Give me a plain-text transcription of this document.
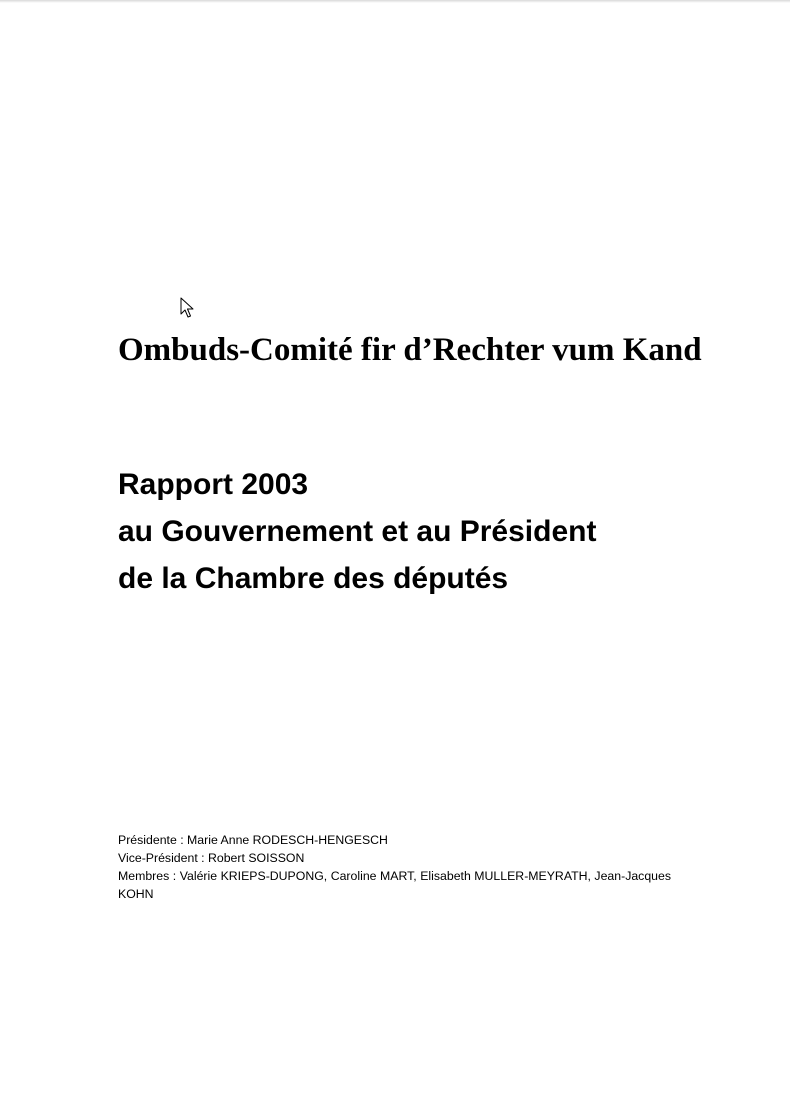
Ombuds-Comité fir d’Rechter vum Kand
Rapport 2003
au Gouvernement et au Président
de la Chambre des députés
Présidente : Marie Anne RODESCH-HENGESCH
Vice-Président : Robert SOISSON
Membres : Valérie KRIEPS-DUPONG, Caroline MART, Elisabeth MULLER-MEYRATH, Jean-Jacques
KOHN
